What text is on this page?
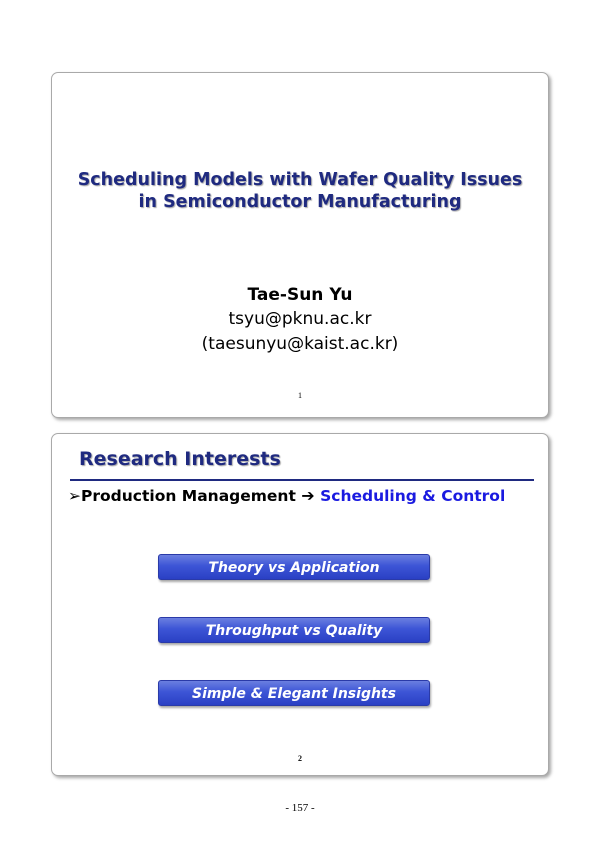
Scheduling Models with Wafer Quality Issues
in Semiconductor Manufacturing
Tae-Sun Yu
tsyu@pknu.ac.kr
(taesunyu@kaist.ac.kr)
1
Research Interests
➢Production Management ➔ Scheduling & Control
Theory vs Application
Throughput vs Quality
Simple & Elegant Insights
2
- 157 -
